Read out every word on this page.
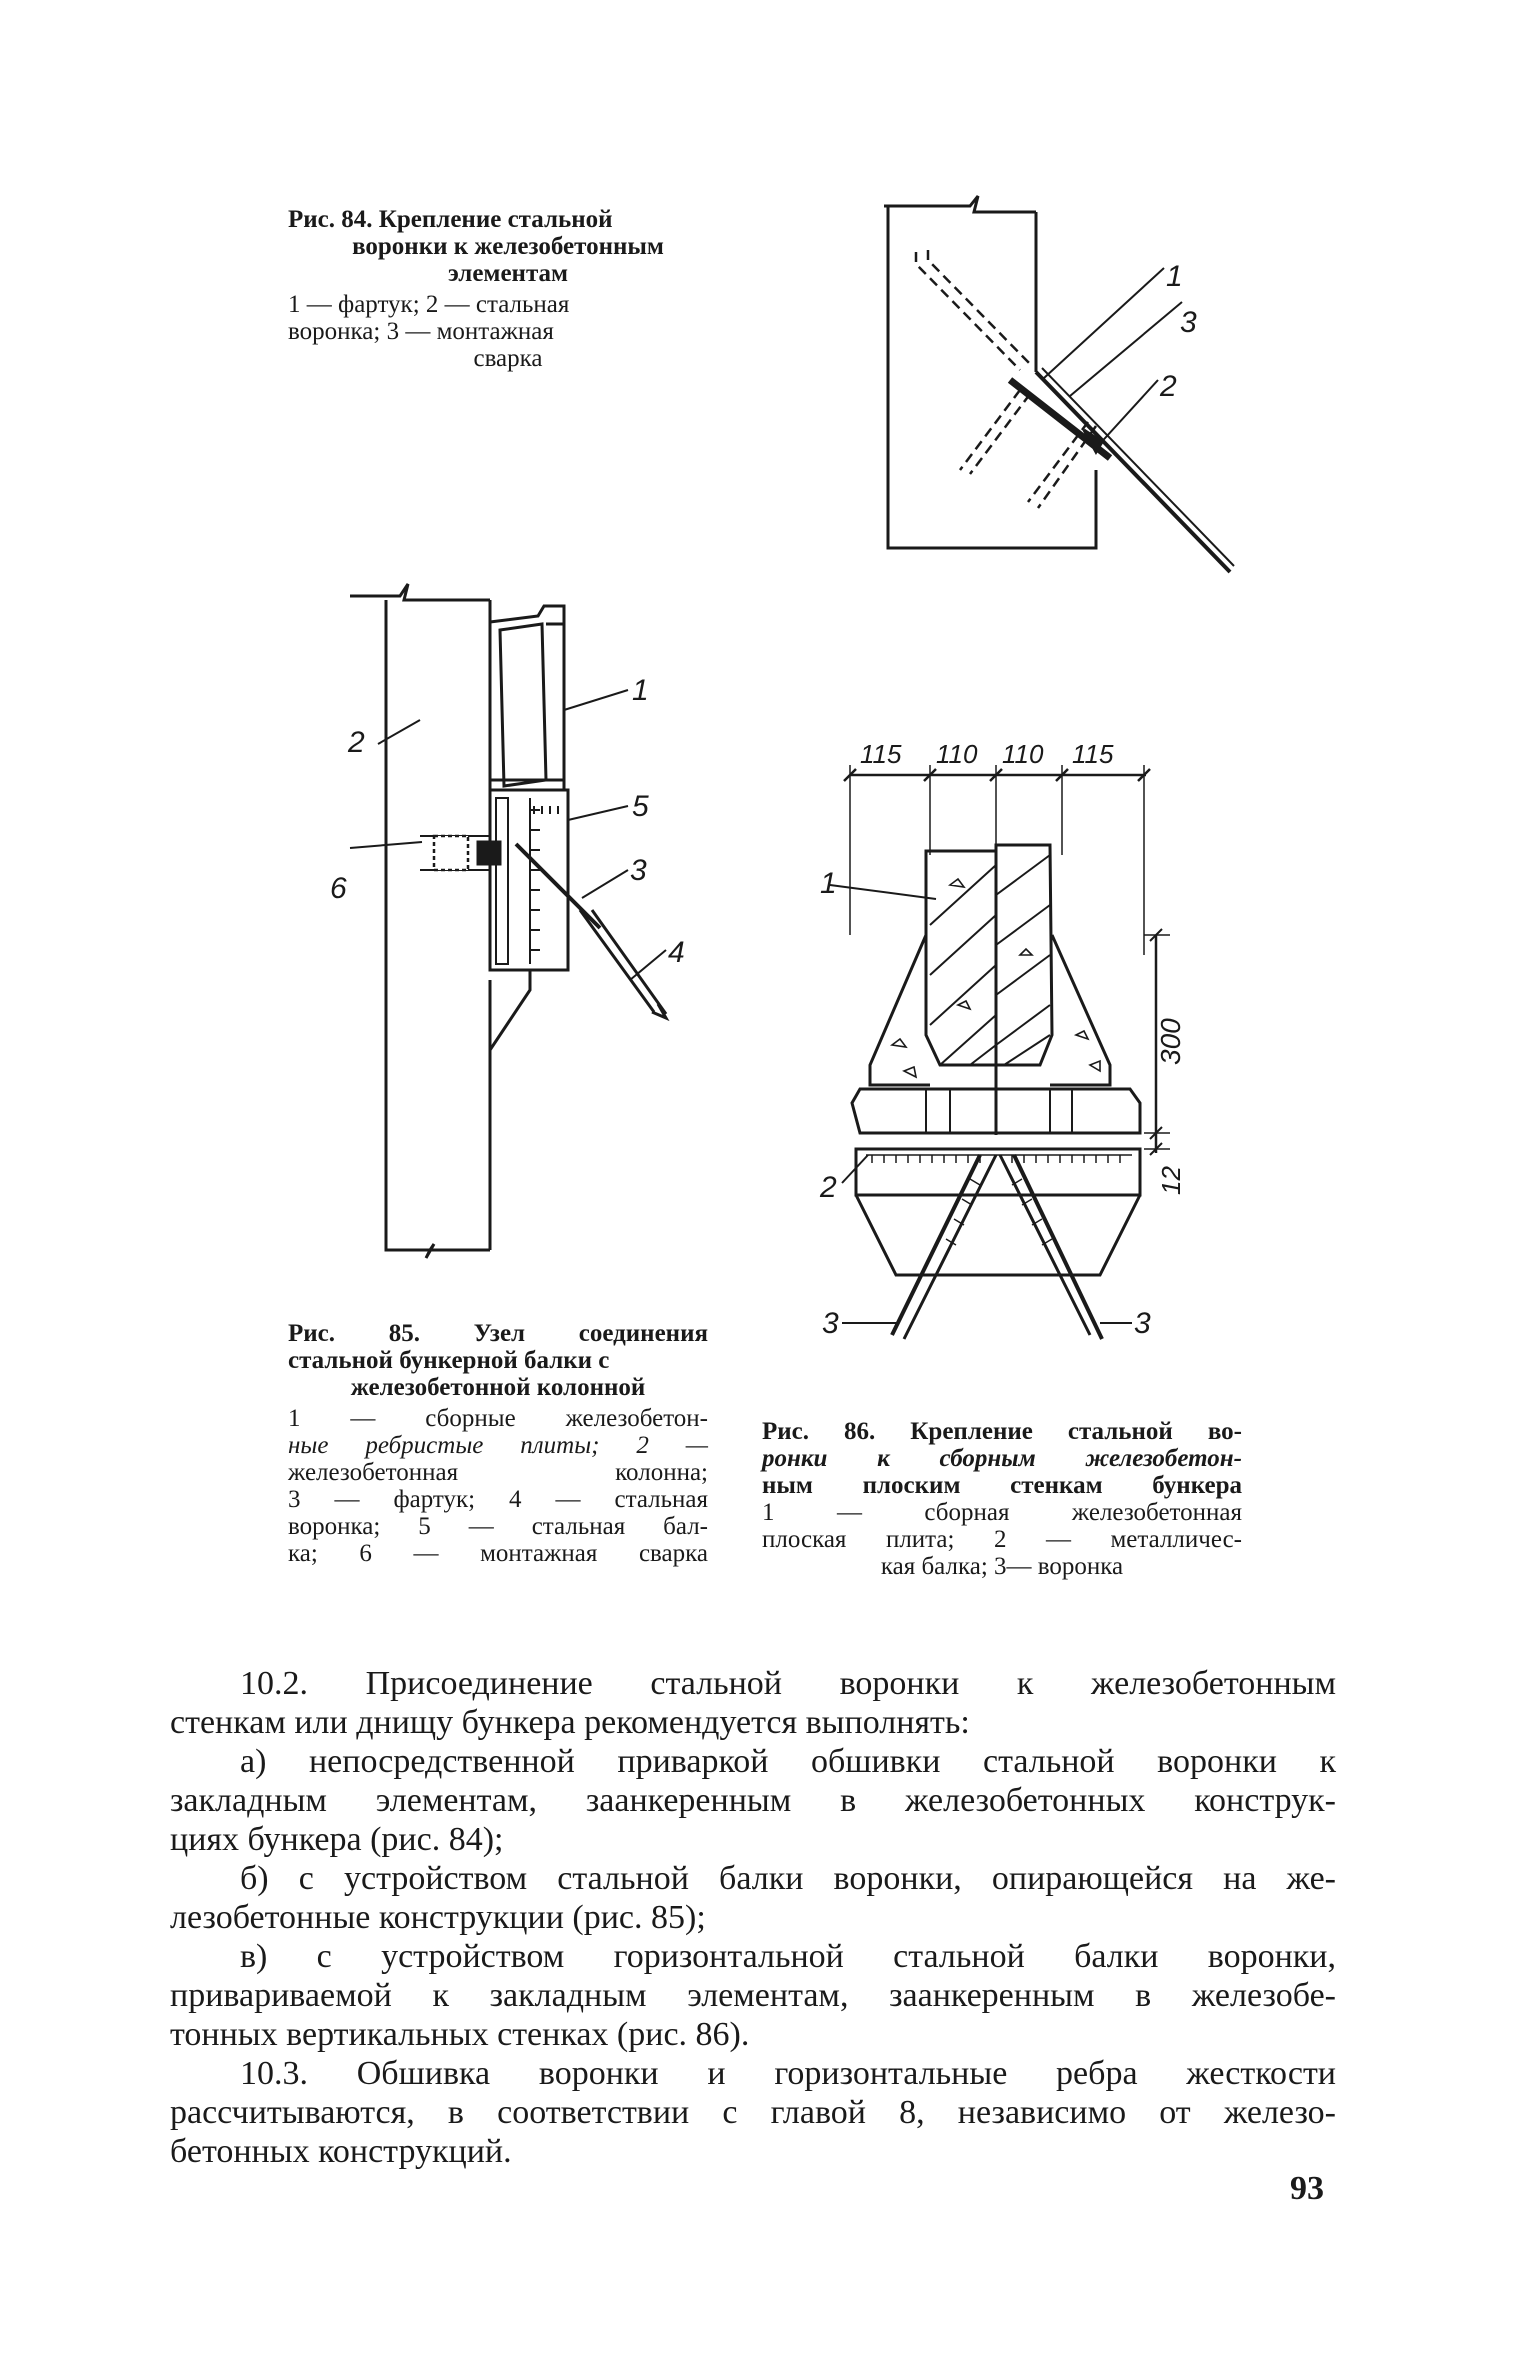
Рис. 84. Крепление стальной
воронки к железобетонным
элементам
1 — фартук; 2 — стальная
воронка; 3 — монтажная
сварка
1
3
2
1
2
5
3
6
4
Рис. 85. Узел соединения
стальной бункерной балки с
железобетонной колонной
1 — сборные железобетон-
ные ребристые плиты; 2 —
железобетонная колонна;
3 — фартук; 4 — стальная
воронка; 5 — стальная бал-
ка; 6 — монтажная сварка
115 110 110 115
300
12
1
2
3	3
Рис. 86. Крепление стальной во-
ронки к сборным железобетон-
ным плоским стенкам бункера
1 — сборная железобетонная
плоская плита; 2 — металличес-
кая балка; 3— воронка

10.2. Присоединение стальной воронки к железобетонным

стенкам или днищу бункера рекомендуется выполнять:

а) непосредственной приваркой обшивки стальной воронки к

закладным элементам, заанкеренным в железобетонных конструк-

циях бункера (рис. 84);

б) с устройством стальной балки воронки, опирающейся на же-

лезобетонные конструкции (рис. 85);

в) с устройством горизонтальной стальной балки воронки,

привариваемой к закладным элементам, заанкеренным в железобе-

тонных вертикальных стенках (рис. 86).

10.3. Обшивка воронки и горизонтальные ребра жесткости

рассчитываются, в соответствии с главой 8, независимо от железо-

бетонных конструкций.

93
